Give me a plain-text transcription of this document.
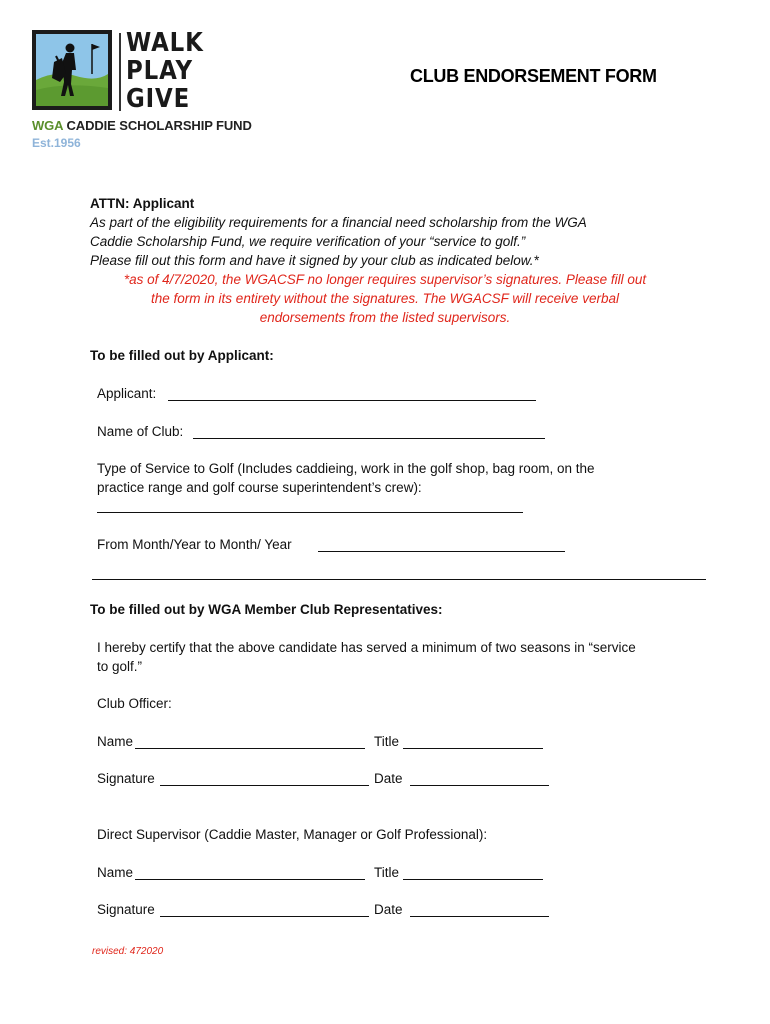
WALK
PLAY
GIVE
WGA CADDIE SCHOLARSHIP FUND
Est.1956
CLUB ENDORSEMENT FORM
ATTN: Applicant
As part of the eligibility requirements for a financial need scholarship from the WGA
Caddie Scholarship Fund, we require verification of your “service to golf.”
Please fill out this form and have it signed by your club as indicated below.*
*as of 4/7/2020, the WGACSF no longer requires supervisor’s signatures. Please fill out
the form in its entirety without the signatures. The WGACSF will receive verbal
endorsements from the listed supervisors.
To be filled out by Applicant:
Applicant:
Name of Club:
Type of Service to Golf (Includes caddieing, work in the golf shop, bag room, on the
practice range and golf course superintendent’s crew):
From Month/Year to Month/ Year
To be filled out by WGA Member Club Representatives:
I hereby certify that the above candidate has served a minimum of two seasons in “service
to golf.”
Club Officer:
Name	Title
Signature	Date
Direct Supervisor (Caddie Master, Manager or Golf Professional):
Name	Title
Signature	Date
revised: 472020
